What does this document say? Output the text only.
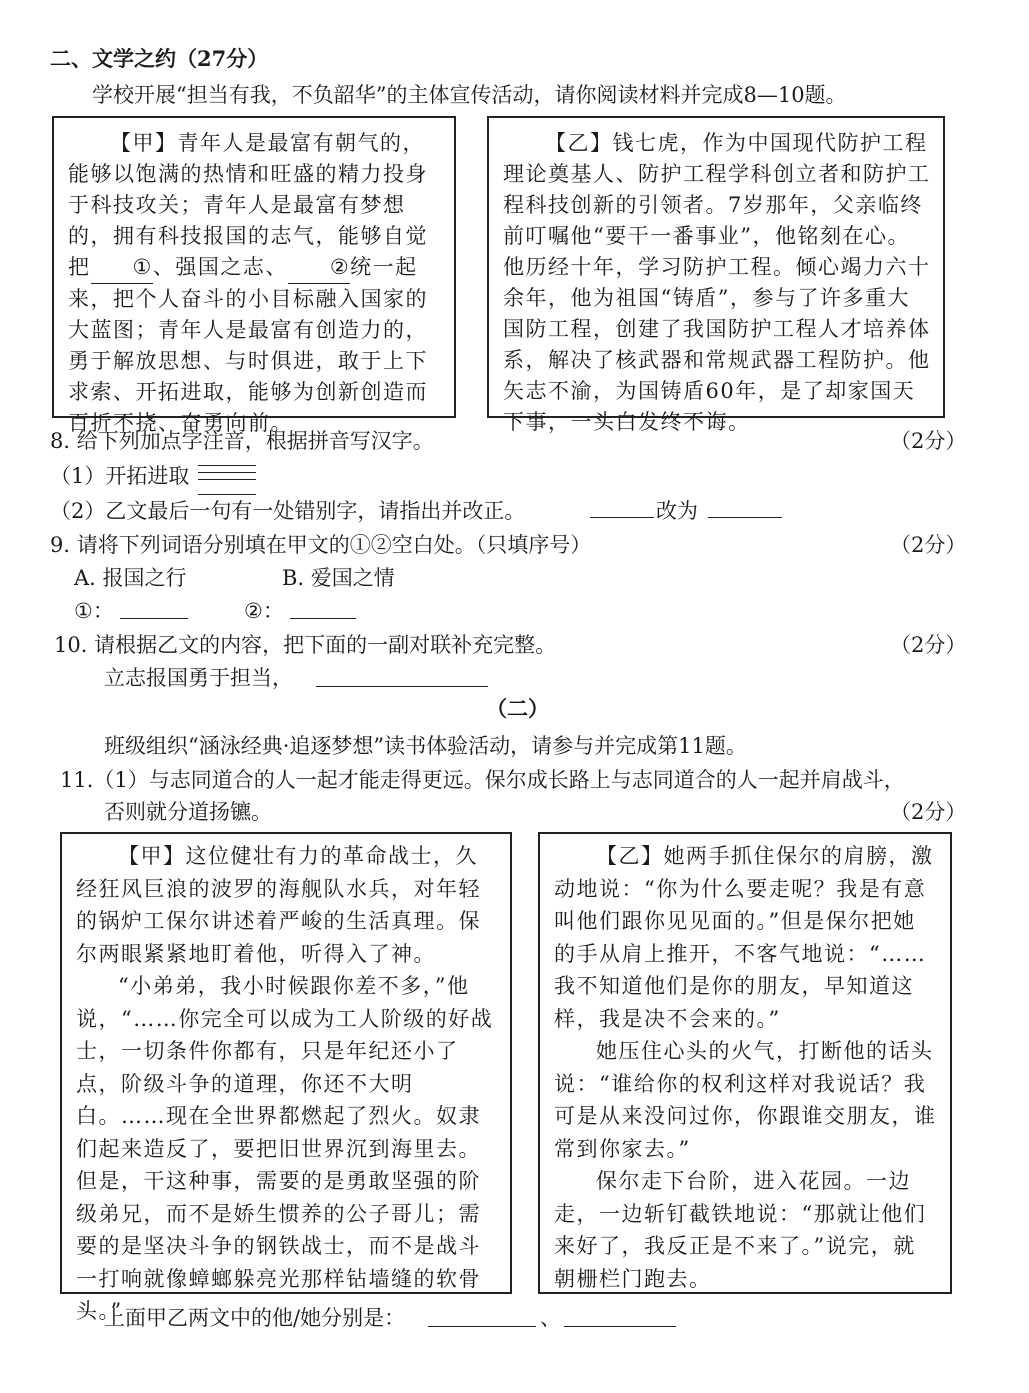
二、文学之约（27分）
学校开展“担当有我，不负韶华”的主体宣传活动，请你阅读材料并完成8—10题。

【甲】青年人是最富有朝气的，能够以饱满的热情和旺盛的精力投身于科技攻关；青年人是最富有梦想的，拥有科技报国的志气，能够自觉把 ①、强国之志、 ②统一起来，把个人奋斗的小目标融入国家的大蓝图；青年人是最富有创造力的，勇于解放思想、与时俱进，敢于上下求索、开拓进取，能够为创新创造而百折不挠、奋勇向前。

【乙】钱七虎，作为中国现代防护工程理论奠基人、防护工程学科创立者和防护工程科技创新的引领者。7岁那年，父亲临终前叮嘱他“要干一番事业”，他铭刻在心。他历经十年，学习防护工程。倾心竭力六十余年，他为祖国“铸盾”，参与了许多重大国防工程，创建了我国防护工程人才培养体系，解决了核武器和常规武器工程防护。他矢志不渝，为国铸盾60年，是了却家国天下事，一头白发终不诲。

8. 给下列加点字注音，根据拼音写汉字。	（2分）
（1）开拓进取
（2）乙文最后一句有一处错别字，请指出并改正。	改为
9. 请将下列词语分别填在甲文的①②空白处。（只填序号）	（2分）
A. 报国之行	B. 爱国之情
①：	②：
10. 请根据乙文的内容，把下面的一副对联补充完整。	（2分）
立志报国勇于担当，
（二）
班级组织“涵泳经典·追逐梦想”读书体验活动，请参与并完成第11题。
11.（1）与志同道合的人一起才能走得更远。保尔成长路上与志同道合的人一起并肩战斗，
否则就分道扬镳。	（2分）

【甲】这位健壮有力的革命战士，久经狂风巨浪的波罗的海舰队水兵，对年轻的锅炉工保尔讲述着严峻的生活真理。保尔两眼紧紧地盯着他，听得入了神。

“小弟弟，我小时候跟你差不多，”他说，“……你完全可以成为工人阶级的好战士，一切条件你都有，只是年纪还小了点，阶级斗争的道理，你还不大明白。……现在全世界都燃起了烈火。奴隶们起来造反了，要把旧世界沉到海里去。但是，干这种事，需要的是勇敢坚强的阶级弟兄，而不是娇生惯养的公子哥儿；需要的是坚决斗争的钢铁战士，而不是战斗一打响就像蟑螂躲亮光那样钻墙缝的软骨头。”

【乙】她两手抓住保尔的肩膀，激动地说：“你为什么要走呢？我是有意叫他们跟你见见面的。”但是保尔把她的手从肩上推开，不客气地说：“……我不知道他们是你的朋友，早知道这样，我是决不会来的。”

她压住心头的火气，打断他的话头说：“谁给你的权利这样对我说话？我可是从来没问过你，你跟谁交朋友，谁常到你家去。”

保尔走下台阶，进入花园。一边走，一边斩钉截铁地说：“那就让他们来好了，我反正是不来了。”说完，就朝栅栏门跑去。

上面甲乙两文中的他/她分别是：	、
